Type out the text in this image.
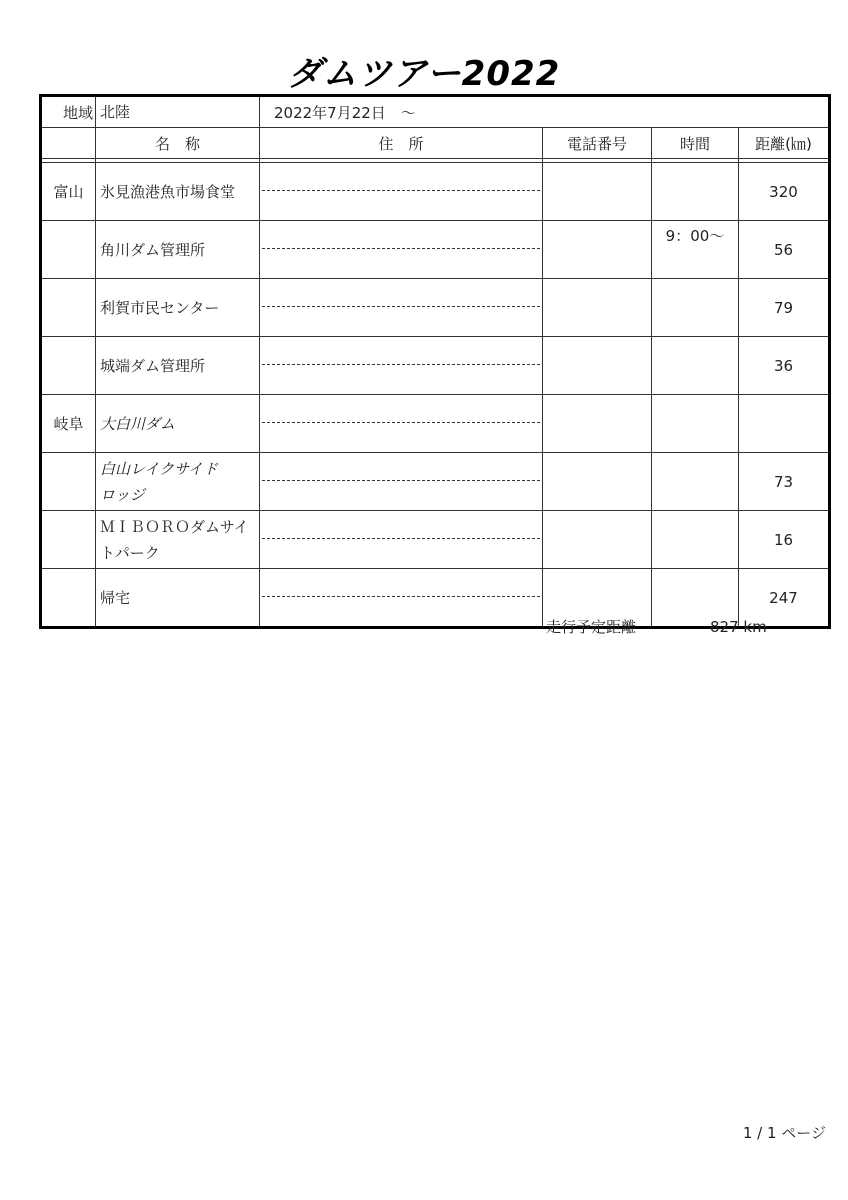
ダムツアー2022
地域	北陸	2022年7月22日　～			
	名　称	住　所	電話番号	時間	距離(㎞)

富山	氷見漁港魚市場食堂				320
	角川ダム管理所			9：00～	56
	利賀市民センター				79
	城端ダム管理所				36
岐阜	大白川ダム	

	白山レイクサイド
ロッジ				73
	ＭＩＢＯＲＯダムサイ
トパーク				16
	帰宅				247
走行予定距離	827 km
1 / 1 ページ
